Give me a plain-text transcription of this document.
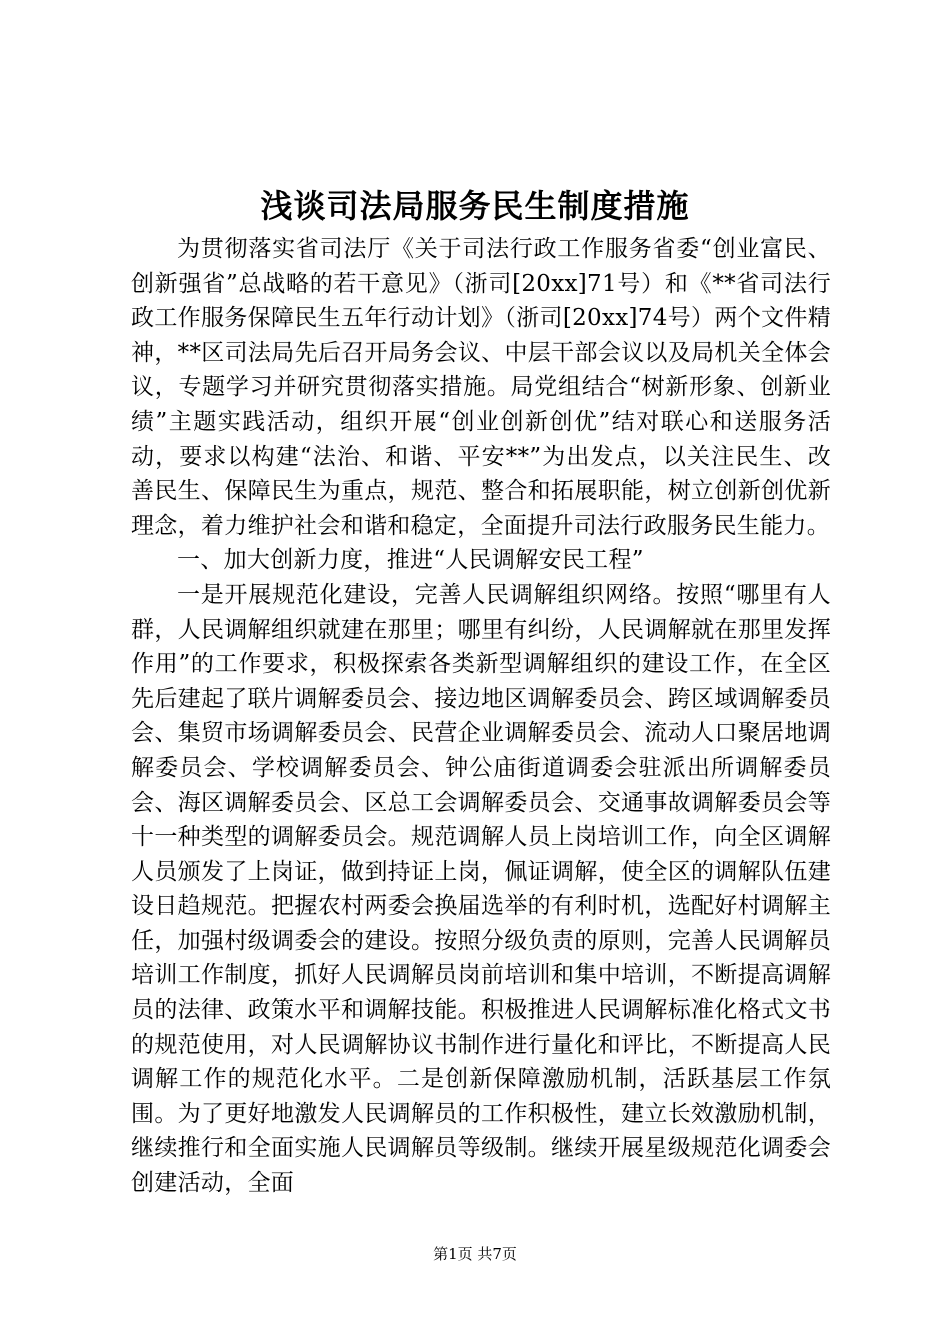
浅谈司法局服务民生制度措施

为贯彻落实省司法厅《关于司法行政工作服务省委“创业富民、创新强省”总战略的若干意见》（浙司[20xx]71号）和《**省司法行政工作服务保障民生五年行动计划》（浙司[20xx]74号）两个文件精神，**区司法局先后召开局务会议、中层干部会议以及局机关全体会议，专题学习并研究贯彻落实措施。局党组结合“树新形象、创新业绩”主题实践活动，组织开展“创业创新创优”结对联心和送服务活动，要求以构建“法治、和谐、平安**”为出发点，以关注民生、改善民生、保障民生为重点，规范、整合和拓展职能，树立创新创优新理念，着力维护社会和谐和稳定，全面提升司法行政服务民生能力。

一、加大创新力度，推进“人民调解安民工程”

一是开展规范化建设，完善人民调解组织网络。按照“哪里有人群，人民调解组织就建在那里；哪里有纠纷，人民调解就在那里发挥作用”的工作要求，积极探索各类新型调解组织的建设工作，在全区先后建起了联片调解委员会、接边地区调解委员会、跨区域调解委员会、集贸市场调解委员会、民营企业调解委员会、流动人口聚居地调解委员会、学校调解委员会、钟公庙街道调委会驻派出所调解委员会、海区调解委员会、区总工会调解委员会、交通事故调解委员会等十一种类型的调解委员会。规范调解人员上岗培训工作，向全区调解人员颁发了上岗证，做到持证上岗，佩证调解，使全区的调解队伍建设日趋规范。把握农村两委会换届选举的有利时机，选配好村调解主任，加强村级调委会的建设。按照分级负责的原则，完善人民调解员培训工作制度，抓好人民调解员岗前培训和集中培训，不断提高调解员的法律、政策水平和调解技能。积极推进人民调解标准化格式文书的规范使用，对人民调解协议书制作进行量化和评比，不断提高人民调解工作的规范化水平。二是创新保障激励机制，活跃基层工作氛围。为了更好地激发人民调解员的工作积极性，建立长效激励机制，继续推行和全面实施人民调解员等级制。继续开展星级规范化调委会创建活动，全面

第1页 共7页
